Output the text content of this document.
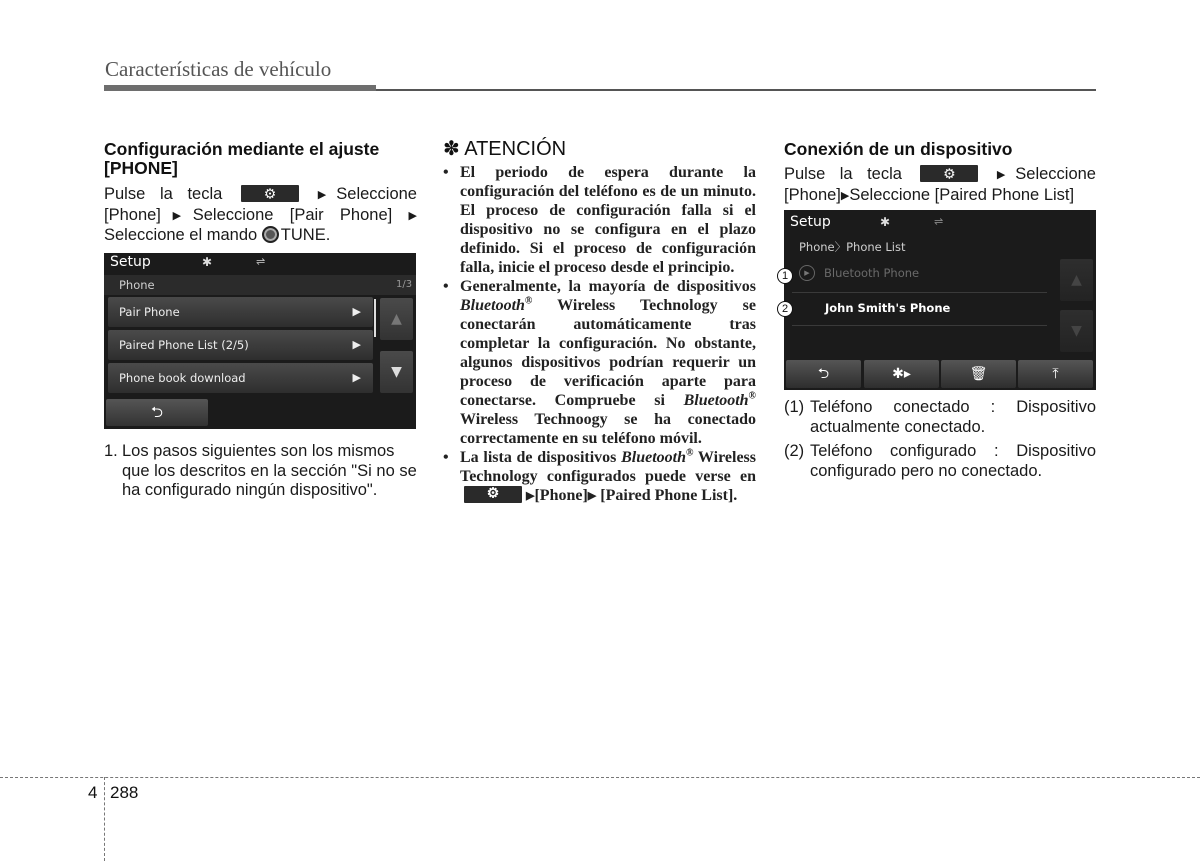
Características de vehículo
Configuración mediante el ajuste [PHONE]

Pulse la tecla	⚙	▶Seleccione

[Phone]▶Seleccione [Pair Phone] ▶

Seleccione el mando TUNE.

Setup	✱	⇌
Phone	1/3
Pair Phone	▶
Paired Phone List (2/5)	▶
Phone book download	▶
▲
▼
⮌
1. Los pasos siguientes son los mismos que los descritos en la sección "Si no se ha configurado ningún dispositivo".
✽ ATENCIÓN
• El periodo de espera durante la configuración del teléfono es de un minuto. El proceso de configuración falla si el dispositivo no se configura en el plazo definido. Si el proceso de configuración falla, inicie el proceso desde el principio.
• Generalmente, la mayoría de dispositivos Bluetooth® Wireless Technology se conectarán automáticamente tras completar la configuración. No obstante, algunos dispositivos podrían requerir un proceso de verificación aparte para conectarse. Compruebe si Bluetooth® Wireless Technoogy se ha conectado correctamente en su teléfono móvil.
• La lista de dispositivos Bluetooth® Wireless Technology configurados puede verse en
⚙ ▶[Phone]▶ [Paired Phone List].
Conexión de un dispositivo

Pulse la tecla	⚙	▶Seleccione

[Phone]▶Seleccione [Paired Phone List]

Setup	✱	⇌
Phone〉Phone List
▶	Bluetooth Phone
John Smith's Phone
▲
▼
⮌	✱▸	🗑	⤒
1
2
(1) Teléfono conectado : Dispositivo
actualmente conectado.
(2) Teléfono configurado : Dispositivo
configurado pero no conectado.
4 288
